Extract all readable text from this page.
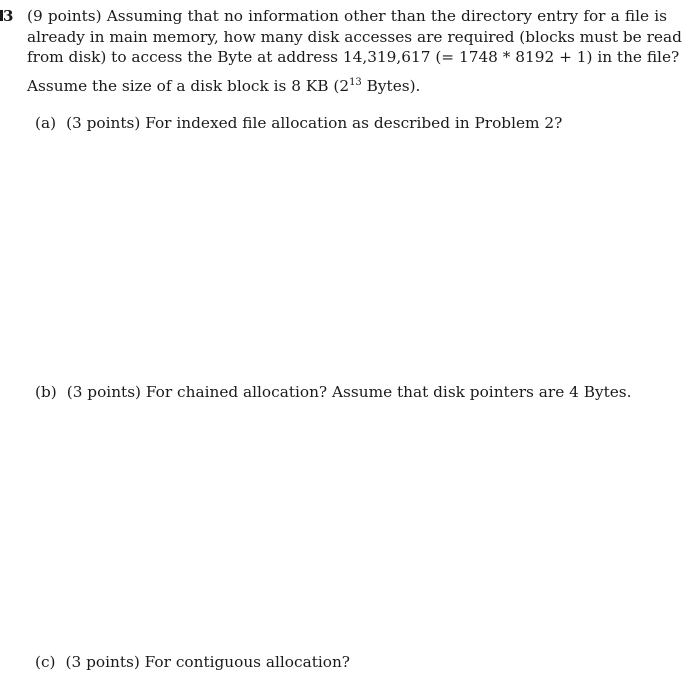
3 (9 points) Assuming that no information other than the directory entry for a file is
already in main memory, how many disk accesses are required (blocks must be read
from disk) to access the Byte at address 14,319,617 (= 1748 * 8192 + 1) in the file?
Assume the size of a disk block is 8 KB ($2^{13}$ Bytes).
(a) (3 points) For indexed file allocation as described in Problem 2?
(b) (3 points) For chained allocation? Assume that disk pointers are 4 Bytes.
(c) (3 points) For contiguous allocation?
